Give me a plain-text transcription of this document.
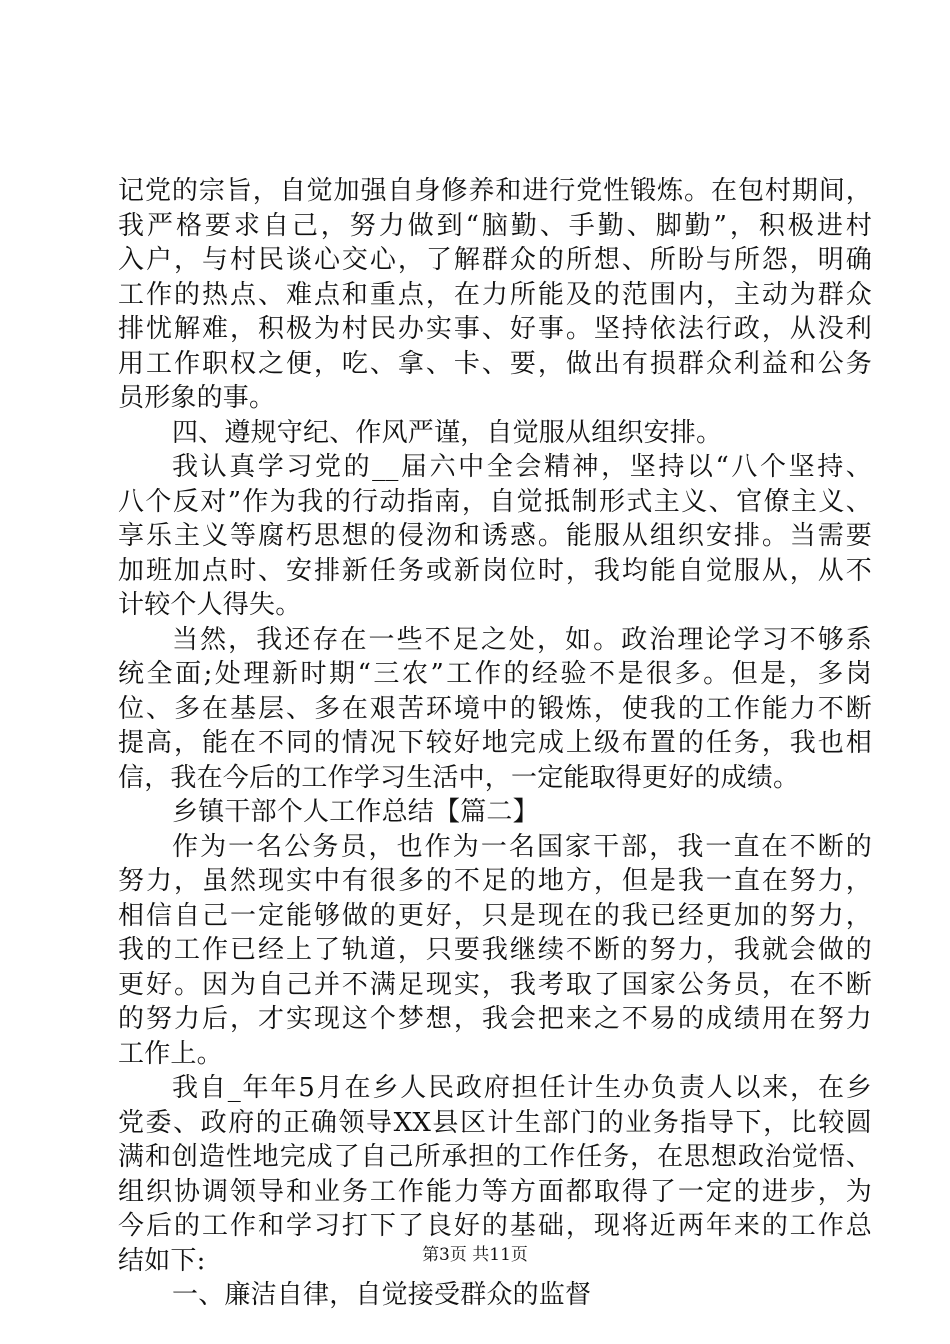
记党的宗旨，自觉加强自身修养和进行党性锻炼。在包村期间，
我严格要求自己，努力做到“脑勤、手勤、脚勤”，积极进村
入户，与村民谈心交心，了解群众的所想、所盼与所怨，明确
工作的热点、难点和重点，在力所能及的范围内，主动为群众
排忧解难，积极为村民办实事、好事。坚持依法行政，从没利
用工作职权之便，吃、拿、卡、要，做出有损群众利益和公务
员形象的事。
四、遵规守纪、作风严谨，自觉服从组织安排。
我认真学习党的__届六中全会精神，坚持以“八个坚持、
八个反对”作为我的行动指南，自觉抵制形式主义、官僚主义、
享乐主义等腐朽思想的侵沕和诱惑。能服从组织安排。当需要
加班加点时、安排新任务或新岗位时，我均能自觉服从，从不
计较个人得失。
当然，我还存在一些不足之处，如。政治理论学习不够系
统全面;处理新时期“三农”工作的经验不是很多。但是，多岗
位、多在基层、多在艰苦环境中的锻炼，使我的工作能力不断
提高，能在不同的情况下较好地完成上级布置的任务，我也相
信，我在今后的工作学习生活中，一定能取得更好的成绩。
乡镇干部个人工作总结【篇二】
作为一名公务员，也作为一名国家干部，我一直在不断的
努力，虽然现实中有很多的不足的地方，但是我一直在努力，
相信自己一定能够做的更好，只是现在的我已经更加的努力，
我的工作已经上了轨道，只要我继续不断的努力，我就会做的
更好。因为自己并不满足现实，我考取了国家公务员，在不断
的努力后，才实现这个梦想，我会把来之不易的成绩用在努力
工作上。
我自_年年5月在乡人民政府担任计生办负责人以来，在乡
党委、政府的正确领导XX县区计生部门的业务指导下，比较圆
满和创造性地完成了自己所承担的工作任务，在思想政治觉悟、
组织协调领导和业务工作能力等方面都取得了一定的进步，为
今后的工作和学习打下了良好的基础，现将近两年来的工作总
结如下:
一、廉洁自律，自觉接受群众的监督
第3页 共11页
